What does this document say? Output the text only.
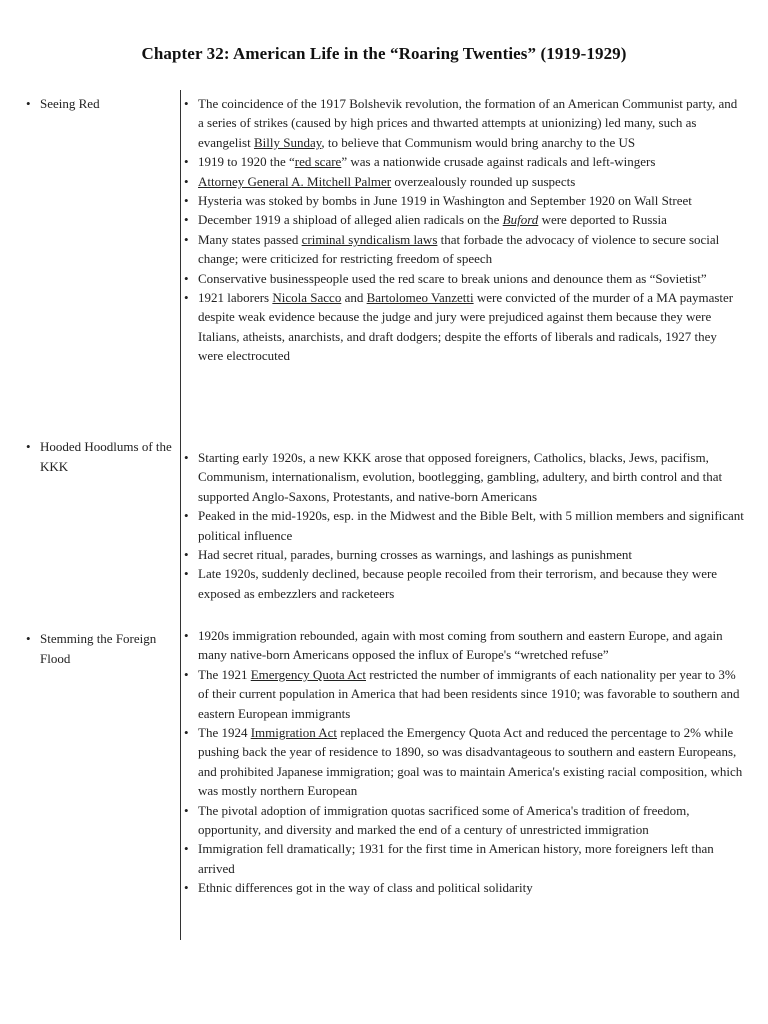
Chapter 32: American Life in the “Roaring Twenties” (1919-1929)
• Seeing Red
•	The coincidence of the 1917 Bolshevik revolution, the formation of an American Communist party, and a series of strikes (caused by high prices and thwarted attempts at unionizing) led many, such as evangelist Billy Sunday, to believe that Communism would bring anarchy to the US
• 1919 to 1920 the “red scare” was a nationwide crusade against radicals and left-wingers
• Attorney General A. Mitchell Palmer overzealously rounded up suspects
• Hysteria was stoked by bombs in June 1919 in Washington and September 1920 on Wall Street
• December 1919 a shipload of alleged alien radicals on the Buford were deported to Russia
• Many states passed criminal syndicalism laws that forbade the advocacy of violence to secure social change; were criticized for restricting freedom of speech
• Conservative businesspeople used the red scare to break unions and denounce them as “Sovietist”
• 1921 laborers Nicola Sacco and Bartolomeo Vanzetti were convicted of the murder of a MA paymaster despite weak evidence because the judge and jury were prejudiced against them because they were Italians, atheists, anarchists, and draft dodgers; despite the efforts of liberals and radicals, 1927 they were electrocuted
• Hooded Hoodlums of the KKK
• Starting early 1920s, a new KKK arose that opposed foreigners, Catholics, blacks, Jews, pacifism, Communism, internationalism, evolution, bootlegging, gambling, adultery, and birth control and that supported Anglo-Saxons, Protestants, and native-born Americans
• Peaked in the mid-1920s, esp. in the Midwest and the Bible Belt, with 5 million members and significant political influence
• Had secret ritual, parades, burning crosses as warnings, and lashings as punishment
• Late 1920s, suddenly declined, because people recoiled from their terrorism, and because they were exposed as embezzlers and racketeers
• Stemming the Foreign Flood
• 1920s immigration rebounded, again with most coming from southern and eastern Europe, and again many native-born Americans opposed the influx of Europe's “wretched refuse”
• The 1921 Emergency Quota Act restricted the number of immigrants of each nationality per year to 3% of their current population in America that had been residents since 1910; was favorable to southern and eastern European immigrants
• The 1924 Immigration Act replaced the Emergency Quota Act and reduced the percentage to 2% while pushing back the year of residence to 1890, so was disadvantageous to southern and eastern Europeans, and prohibited Japanese immigration; goal was to maintain America's existing racial composition, which was mostly northern European
• The pivotal adoption of immigration quotas sacrificed some of America's tradition of freedom, opportunity, and diversity and marked the end of a century of unrestricted immigration
• Immigration fell dramatically; 1931 for the first time in American history, more foreigners left than arrived
• Ethnic differences got in the way of class and political solidarity
